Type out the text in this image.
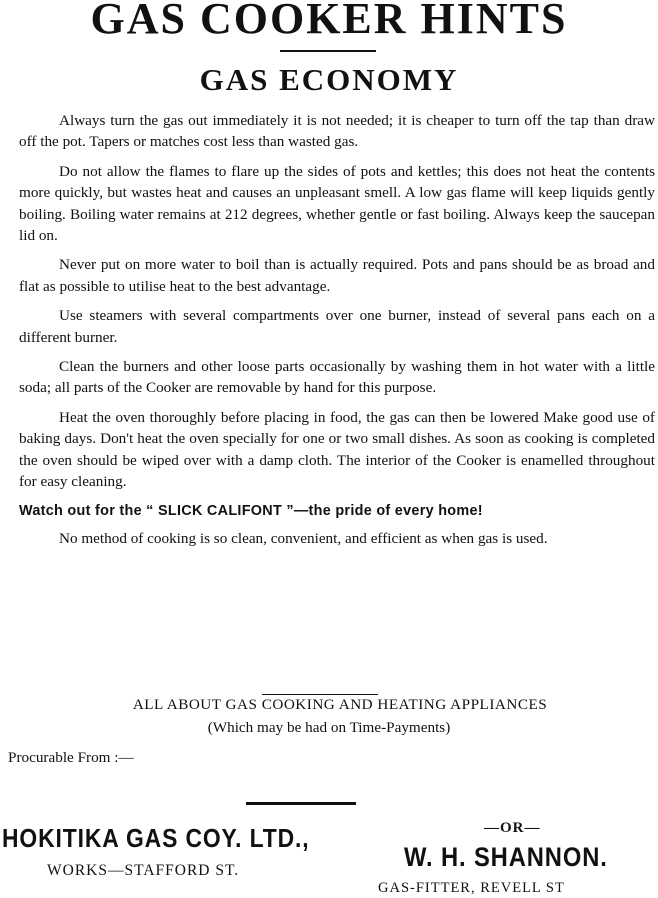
GAS COOKER HINTS
GAS ECONOMY

Always turn the gas out immediately it is not needed; it is cheaper to turn off the tap than draw off the pot. Tapers or matches cost less than wasted gas.

Do not allow the flames to flare up the sides of pots and kettles; this does not heat the contents more quickly, but wastes heat and causes an unpleasant smell. A low gas flame will keep liquids gently boiling. Boiling water remains at 212 degrees, whether gentle or fast boiling. Always keep the saucepan lid on.

Never put on more water to boil than is actually required. Pots and pans should be as broad and flat as possible to utilise heat to the best advantage.

Use steamers with several compartments over one burner, instead of several pans each on a different burner.

Clean the burners and other loose parts occasionally by washing them in hot water with a little soda; all parts of the Cooker are removable by hand for this purpose.

Heat the oven thoroughly before placing in food, the gas can then be lowered Make good use of baking days. Don't heat the oven specially for one or two small dishes. As soon as cooking is completed the oven should be wiped over with a damp cloth. The interior of the Cooker is enamelled throughout for easy cleaning.

Watch out for the “ SLICK CALIFONT ”—the pride of every home!

No method of cooking is so clean, convenient, and efficient as when gas is used.

ALL ABOUT GAS COOKING AND HEATING APPLIANCES
(Which may be had on Time-Payments)
Procurable From :—
HOKITIKA GAS COY. LTD.,
WORKS—STAFFORD ST.
—OR—
W. H. SHANNON.
GAS-FITTER, REVELL ST
